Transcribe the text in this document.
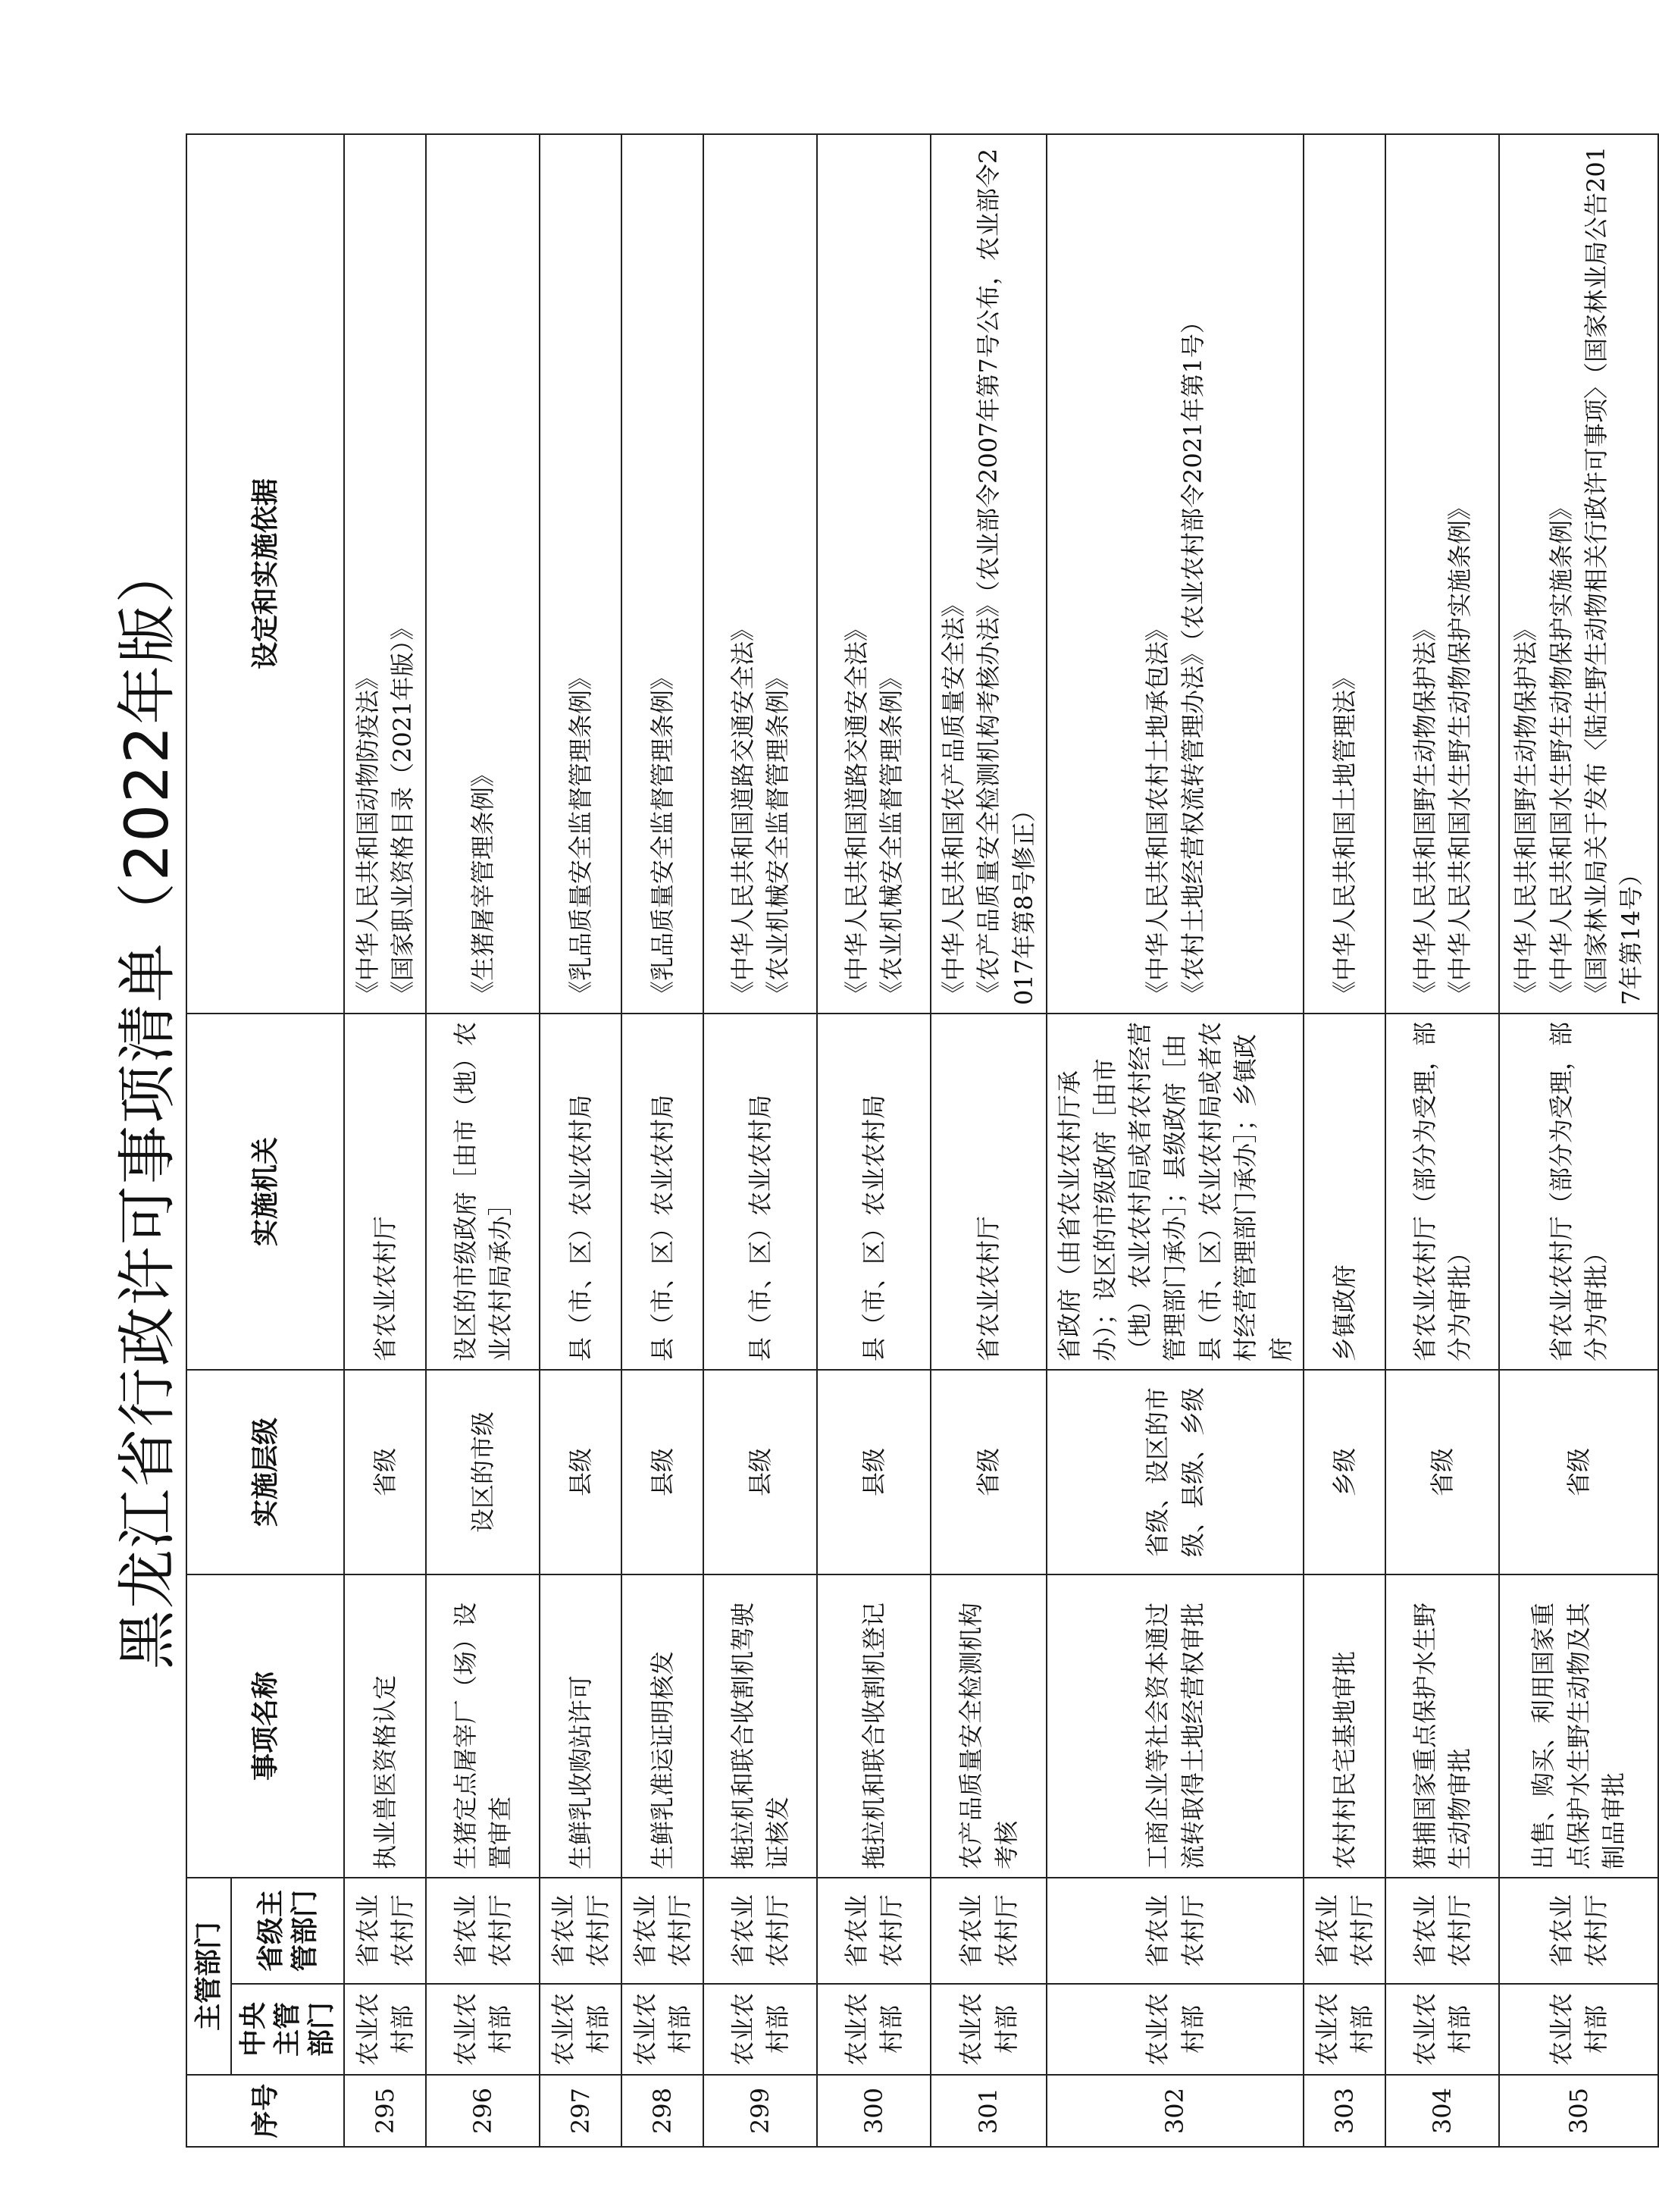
黑龙江省行政许可事项清单（2022年版）
序号	主管部门		事项名称	实施层级	实施机关	设定和实施依据
	中央主管部门	省级主管部门				
295	农业农村部	省农业农村厅	执业兽医资格认定	省级	省农业农村厅	《中华人民共和国动物防疫法》 《国家职业资格目录（2021年版）》

296	农业农村部	省农业农村厅	生猪定点屠宰厂（场）设置审查	设区的市级	设区的市级政府［由市（地）农业农村局承办］	《生猪屠宰管理条例》

297	农业农村部	省农业农村厅	生鲜乳收购站许可	县级	县（市、区）农业农村局	《乳品质量安全监督管理条例》

298	农业农村部	省农业农村厅	生鲜乳准运证明核发	县级	县（市、区）农业农村局	《乳品质量安全监督管理条例》

299	农业农村部	省农业农村厅	拖拉机和联合收割机驾驶证核发	县级	县（市、区）农业农村局	《中华人民共和国道路交通安全法》 《农业机械安全监督管理条例》

300	农业农村部	省农业农村厅	拖拉机和联合收割机登记	县级	县（市、区）农业农村局	《中华人民共和国道路交通安全法》 《农业机械安全监督管理条例》

301	农业农村部	省农业农村厅	农产品质量安全检测机构考核	省级	省农业农村厅	《中华人民共和国农产品质量安全法》 《农产品质量安全检测机构考核办法》（农业部令2007年第7号公布，农业部令2017年第8号修正）

302	农业农村部	省农业农村厅	工商企业等社会资本通过流转取得土地经营权审批	省级、设区的市级、县级、乡级	省政府（由省农业农村厅承办）；设区的市级政府［由市（地）农业农村局或者农村经营管理部门承办］；县级政府［由县（市、区）农业农村局或者农村经营管理部门承办］；乡镇政府	《中华人民共和国农村土地承包法》 《农村土地经营权流转管理办法》（农业农村部令2021年第1号）

303	农业农村部	省农业农村厅	农村村民宅基地审批	乡级	乡镇政府	《中华人民共和国土地管理法》

304	农业农村部	省农业农村厅	猎捕国家重点保护水生野生动物审批	省级	省农业农村厅（部分为受理，部分为审批）	《中华人民共和国野生动物保护法》 《中华人民共和国水生野生动物保护实施条例》

305	农业农村部	省农业农村厅	出售、购买、利用国家重点保护水生野生动物及其制品审批	省级	省农业农村厅（部分为受理，部分为审批）	《中华人民共和国野生动物保护法》 《中华人民共和国水生野生动物保护实施条例》 《国家林业局关于发布〈陆生野生动物相关行政许可事项〉（国家林业局公告2017年第14号）
